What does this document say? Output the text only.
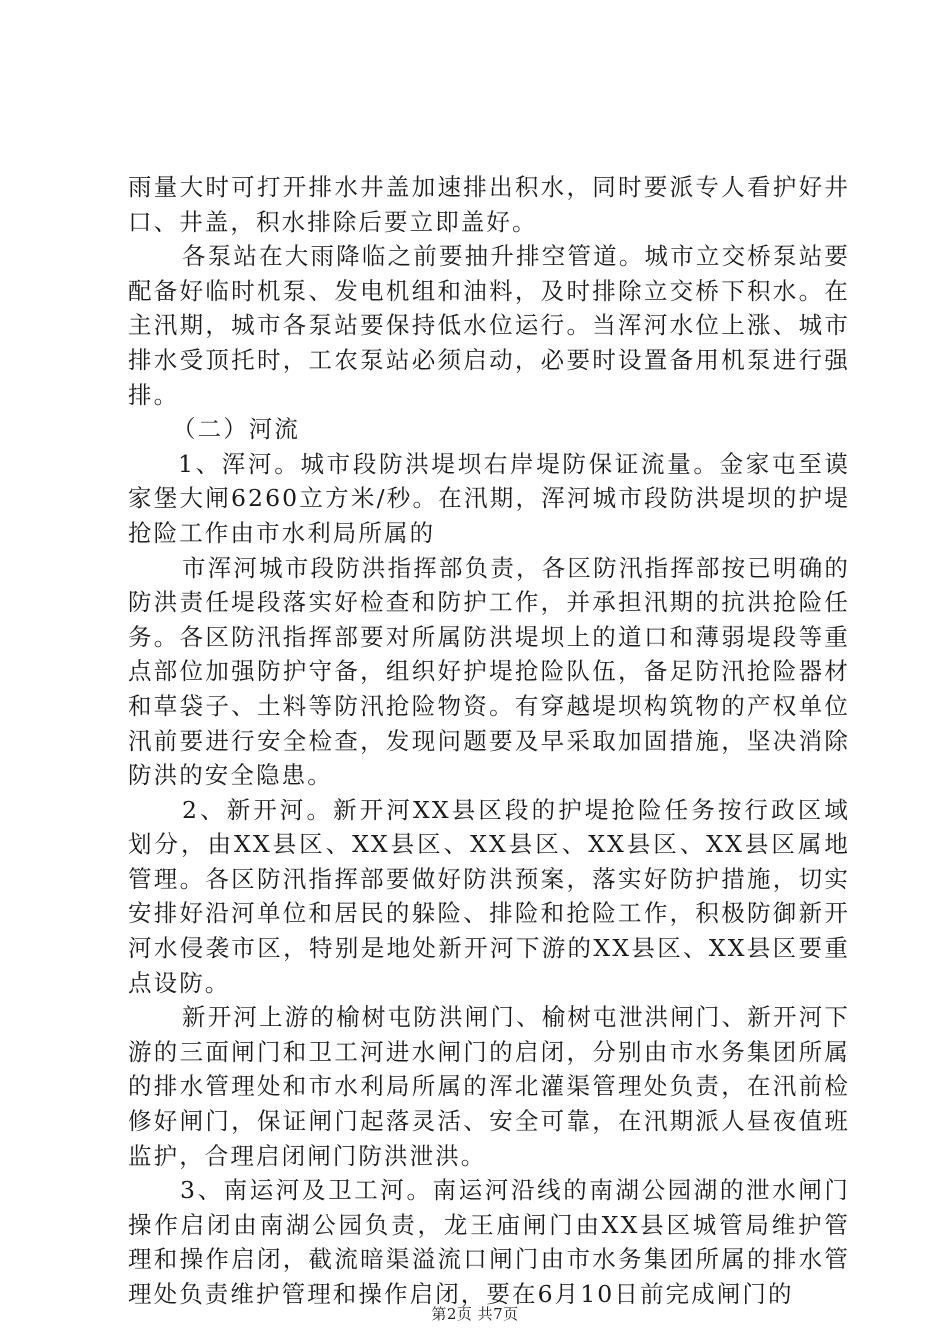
雨量大时可打开排水井盖加速排出积水，同时要派专人看护好井口、井盖，积水排除后要立即盖好。

各泵站在大雨降临之前要抽升排空管道。城市立交桥泵站要配备好临时机泵、发电机组和油料，及时排除立交桥下积水。在主汛期，城市各泵站要保持低水位运行。当浑河水位上涨、城市排水受顶托时，工农泵站必须启动，必要时设置备用机泵进行强排。

（二）河流

1、浑河。城市段防洪堤坝右岸堤防保证流量。金家屯至谟家堡大闸6260立方米/秒。在汛期，浑河城市段防洪堤坝的护堤抢险工作由市水利局所属的

市浑河城市段防洪指挥部负责，各区防汛指挥部按已明确的防洪责任堤段落实好检查和防护工作，并承担汛期的抗洪抢险任务。各区防汛指挥部要对所属防洪堤坝上的道口和薄弱堤段等重点部位加强防护守备，组织好护堤抢险队伍，备足防汛抢险器材和草袋子、土料等防汛抢险物资。有穿越堤坝构筑物的产权单位汛前要进行安全检查，发现问题要及早采取加固措施，坚决消除防洪的安全隐患。

2、新开河。新开河XX县区段的护堤抢险任务按行政区域划分，由XX县区、XX县区、XX县区、XX县区、XX县区属地管理。各区防汛指挥部要做好防洪预案，落实好防护措施，切实安排好沿河单位和居民的躲险、排险和抢险工作，积极防御新开河水侵袭市区，特别是地处新开河下游的XX县区、XX县区要重点设防。

新开河上游的榆树屯防洪闸门、榆树屯泄洪闸门、新开河下游的三面闸门和卫工河进水闸门的启闭，分别由市水务集团所属的排水管理处和市水利局所属的浑北灌渠管理处负责，在汛前检修好闸门，保证闸门起落灵活、安全可靠，在汛期派人昼夜值班监护，合理启闭闸门防洪泄洪。

3、南运河及卫工河。南运河沿线的南湖公园湖的泄水闸门操作启闭由南湖公园负责，龙王庙闸门由XX县区城管局维护管理和操作启闭，截流暗渠溢流口闸门由市水务集团所属的排水管理处负责维护管理和操作启闭，要在6月10日前完成闸门的

第2页 共7页
